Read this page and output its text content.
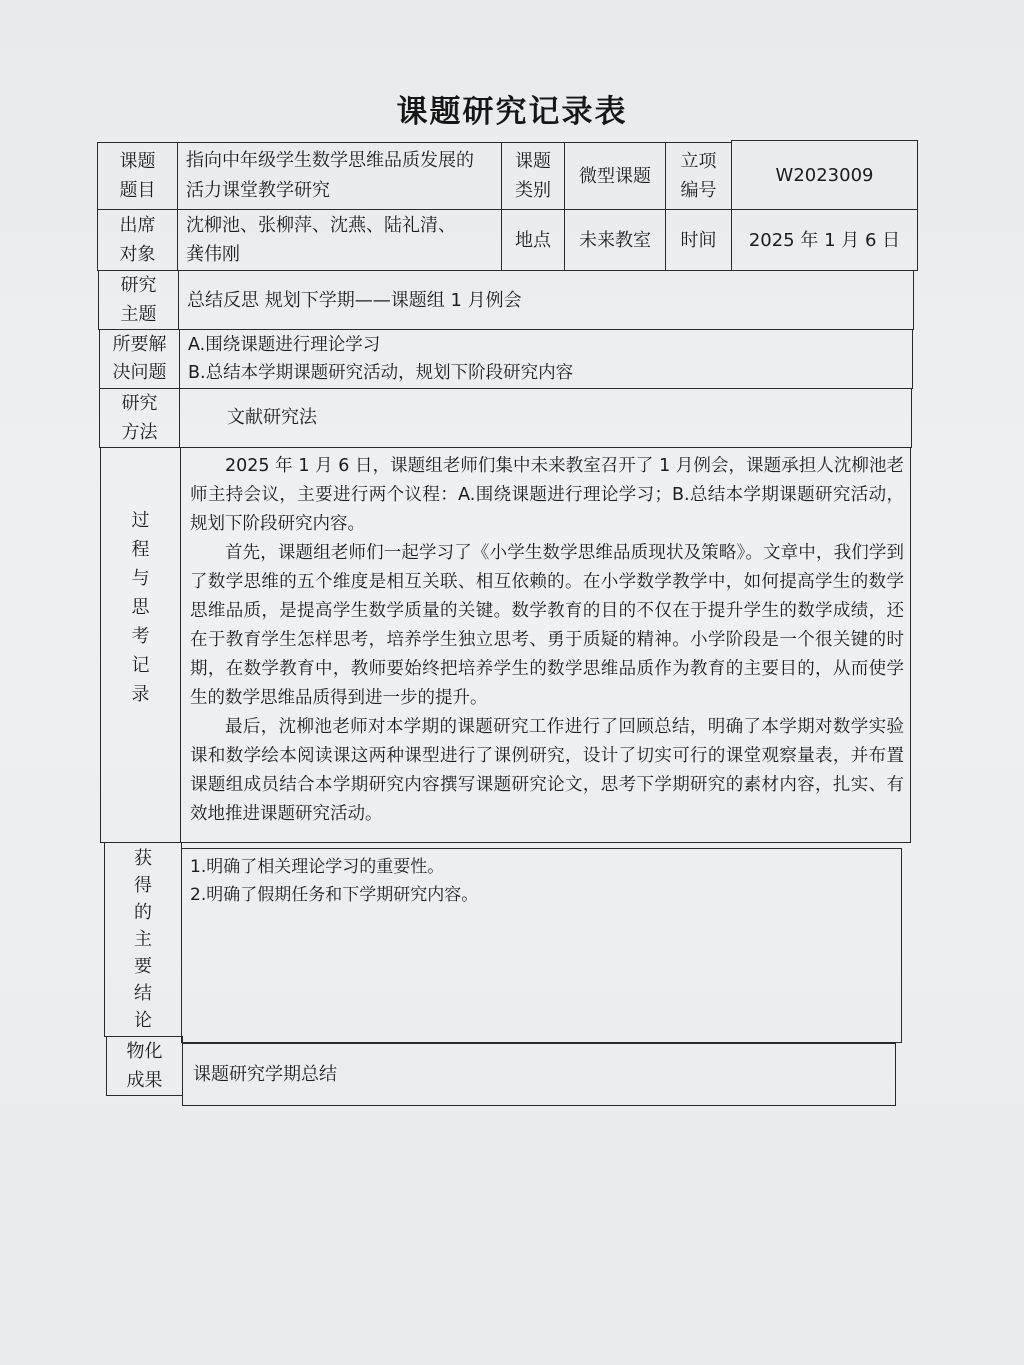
课题研究记录表
课题
题目
指向中年级学生数学思维品质发展的活力课堂教学研究
课题
类别
微型课题
立项
编号
W2023009
出席
对象
沈柳池、张柳萍、沈燕、陆礼清、龚伟刚
地点 未来教室 时间 2025 年 1 月 6 日
研究
主题
总结反思 规划下学期——课题组 1 月例会
所要解
决问题
A.围绕课题进行理论学习
B.总结本学期课题研究活动，规划下阶段研究内容
研究
方法
文献研究法
过
程
与
思
考
记
录

2025 年 1 月 6 日，课题组老师们集中未来教室召开了 1 月例会，课题承担人沈柳池老师主持会议，主要进行两个议程：A.围绕课题进行理论学习；B.总结本学期课题研究活动，规划下阶段研究内容。

首先，课题组老师们一起学习了《小学生数学思维品质现状及策略》。文章中，我们学到了数学思维的五个维度是相互关联、相互依赖的。在小学数学教学中，如何提高学生的数学思维品质，是提高学生数学质量的关键。数学教育的目的不仅在于提升学生的数学成绩，还在于教育学生怎样思考，培养学生独立思考、勇于质疑的精神。小学阶段是一个很关键的时期，在数学教育中，教师要始终把培养学生的数学思维品质作为教育的主要目的，从而使学生的数学思维品质得到进一步的提升。

最后，沈柳池老师对本学期的课题研究工作进行了回顾总结，明确了本学期对数学实验课和数学绘本阅读课这两种课型进行了课例研究，设计了切实可行的课堂观察量表，并布置课题组成员结合本学期研究内容撰写课题研究论文，思考下学期研究的素材内容，扎实、有效地推进课题研究活动。

获
得
的
主
要
结
论
1.明确了相关理论学习的重要性。
2.明确了假期任务和下学期研究内容。
物化
成果 课题研究学期总结
